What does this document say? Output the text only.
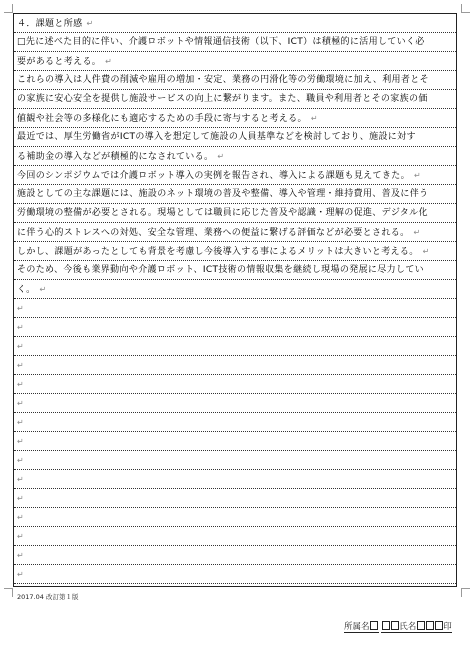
４．課題と所感 ↵
□先に述べた目的に伴い、介護ロボットや情報通信技術（以下、ICT）は積極的に活用していく必
要があると考える。 ↵
これらの導入は人件費の削減や雇用の増加・安定、業務の円滑化等の労働環境に加え、利用者とそ
の家族に安心安全を提供し施設サービスの向上に繋がります。また、職員や利用者とその家族の価
値観や社会等の多様化にも適応するための手段に寄与すると考える。 ↵
最近では、厚生労働省がICTの導入を想定して施設の人員基準などを検討しており、施設に対す
る補助金の導入などが積極的になされている。 ↵
今回のシンポジウムでは介護ロボット導入の実例を報告され、導入による課題も見えてきた。 ↵
施設としての主な課題には、施設のネット環境の普及や整備、導入や管理・維持費用、普及に伴う
労働環境の整備が必要とされる。現場としては職員に応じた普及や認識・理解の促進、デジタル化
に伴う心的ストレスへの対処、安全な管理、業務への便益に繋げる評価などが必要とされる。 ↵
しかし、課題があったとしても背景を考慮し今後導入する事によるメリットは大きいと考える。 ↵
そのため、今後も業界動向や介護ロボット、ICT技術の情報収集を継続し現場の発展に尽力してい
く。 ↵
↵
↵
↵
↵
↵
↵
↵
↵
↵
↵
↵
↵
↵
↵
↵
2017.04 改訂第１版
所属名	氏名	印
